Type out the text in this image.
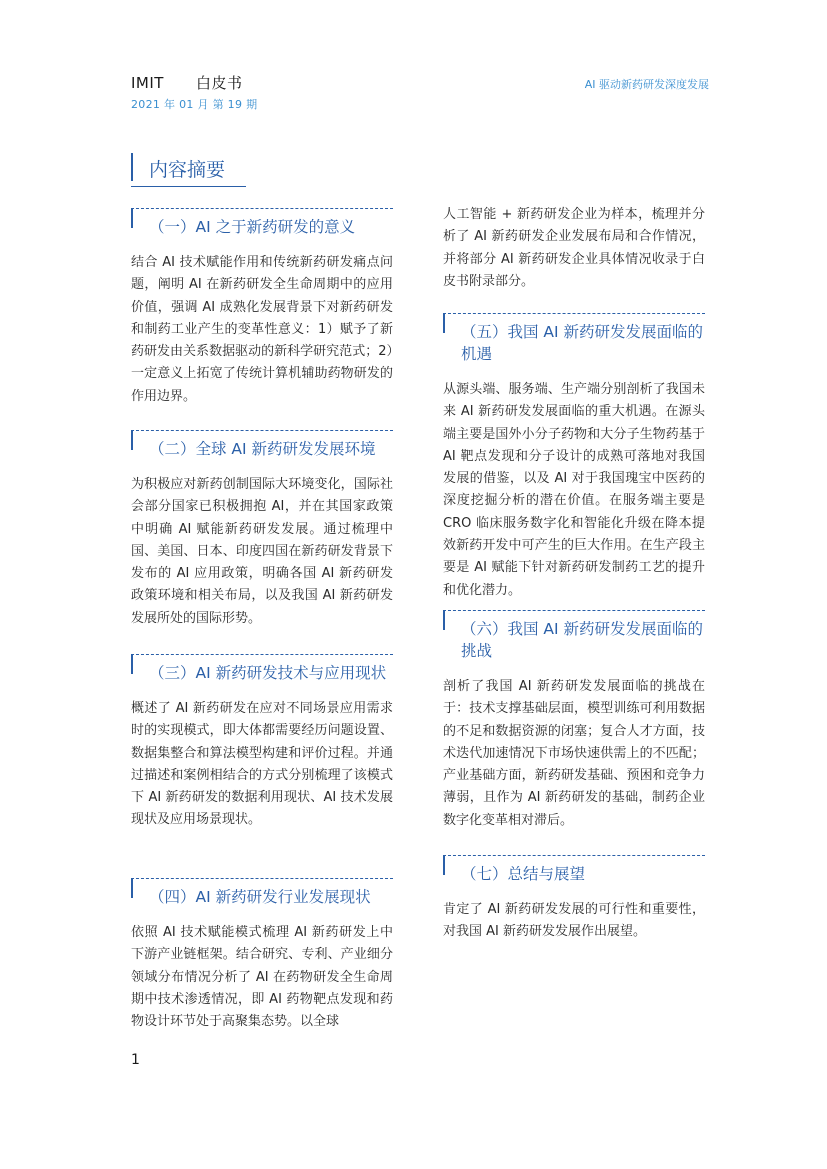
IMIT 白皮书
2021 年 01 月 第 19 期
AI 驱动新药研发深度发展
内容摘要
（一）AI 之于新药研发的意义
结合 AI 技术赋能作用和传统新药研发痛点问题，阐明 AI 在新药研发全生命周期中的应用价值，强调 AI 成熟化发展背景下对新药研发和制药工业产生的变革性意义：1）赋予了新药研发由关系数据驱动的新科学研究范式；2）一定意义上拓宽了传统计算机辅助药物研发的作用边界。
（二）全球 AI 新药研发发展环境
为积极应对新药创制国际大环境变化，国际社会部分国家已积极拥抱 AI，并在其国家政策中明确 AI 赋能新药研发发展。通过梳理中国、美国、日本、印度四国在新药研发背景下发布的 AI 应用政策，明确各国 AI 新药研发政策环境和相关布局，以及我国 AI 新药研发发展所处的国际形势。
（三）AI 新药研发技术与应用现状
概述了 AI 新药研发在应对不同场景应用需求时的实现模式，即大体都需要经历问题设置、数据集整合和算法模型构建和评价过程。并通过描述和案例相结合的方式分别梳理了该模式下 AI 新药研发的数据利用现状、AI 技术发展现状及应用场景现状。
（四）AI 新药研发行业发展现状
依照 AI 技术赋能模式梳理 AI 新药研发上中下游产业链框架。结合研究、专利、产业细分领域分布情况分析了 AI 在药物研发全生命周期中技术渗透情况，即 AI 药物靶点发现和药物设计环节处于高聚集态势。以全球
人工智能 + 新药研发企业为样本，梳理并分析了 AI 新药研发企业发展布局和合作情况，并将部分 AI 新药研发企业具体情况收录于白皮书附录部分。
（五）我国 AI 新药研发发展面临的机遇
从源头端、服务端、生产端分别剖析了我国未来 AI 新药研发发展面临的重大机遇。在源头端主要是国外小分子药物和大分子生物药基于 AI 靶点发现和分子设计的成熟可落地对我国发展的借鉴，以及 AI 对于我国瑰宝中医药的深度挖掘分析的潜在价值。在服务端主要是 CRO 临床服务数字化和智能化升级在降本提效新药开发中可产生的巨大作用。在生产段主要是 AI 赋能下针对新药研发制药工艺的提升和优化潜力。
（六）我国 AI 新药研发发展面临的挑战
剖析了我国 AI 新药研发发展面临的挑战在于：技术支撑基础层面，模型训练可利用数据的不足和数据资源的闭塞；复合人才方面，技术迭代加速情况下市场快速供需上的不匹配；产业基础方面，新药研发基础、预困和竞争力薄弱，且作为 AI 新药研发的基础，制药企业数字化变革相对滞后。
（七）总结与展望
肯定了 AI 新药研发发展的可行性和重要性，对我国 AI 新药研发发展作出展望。
1
